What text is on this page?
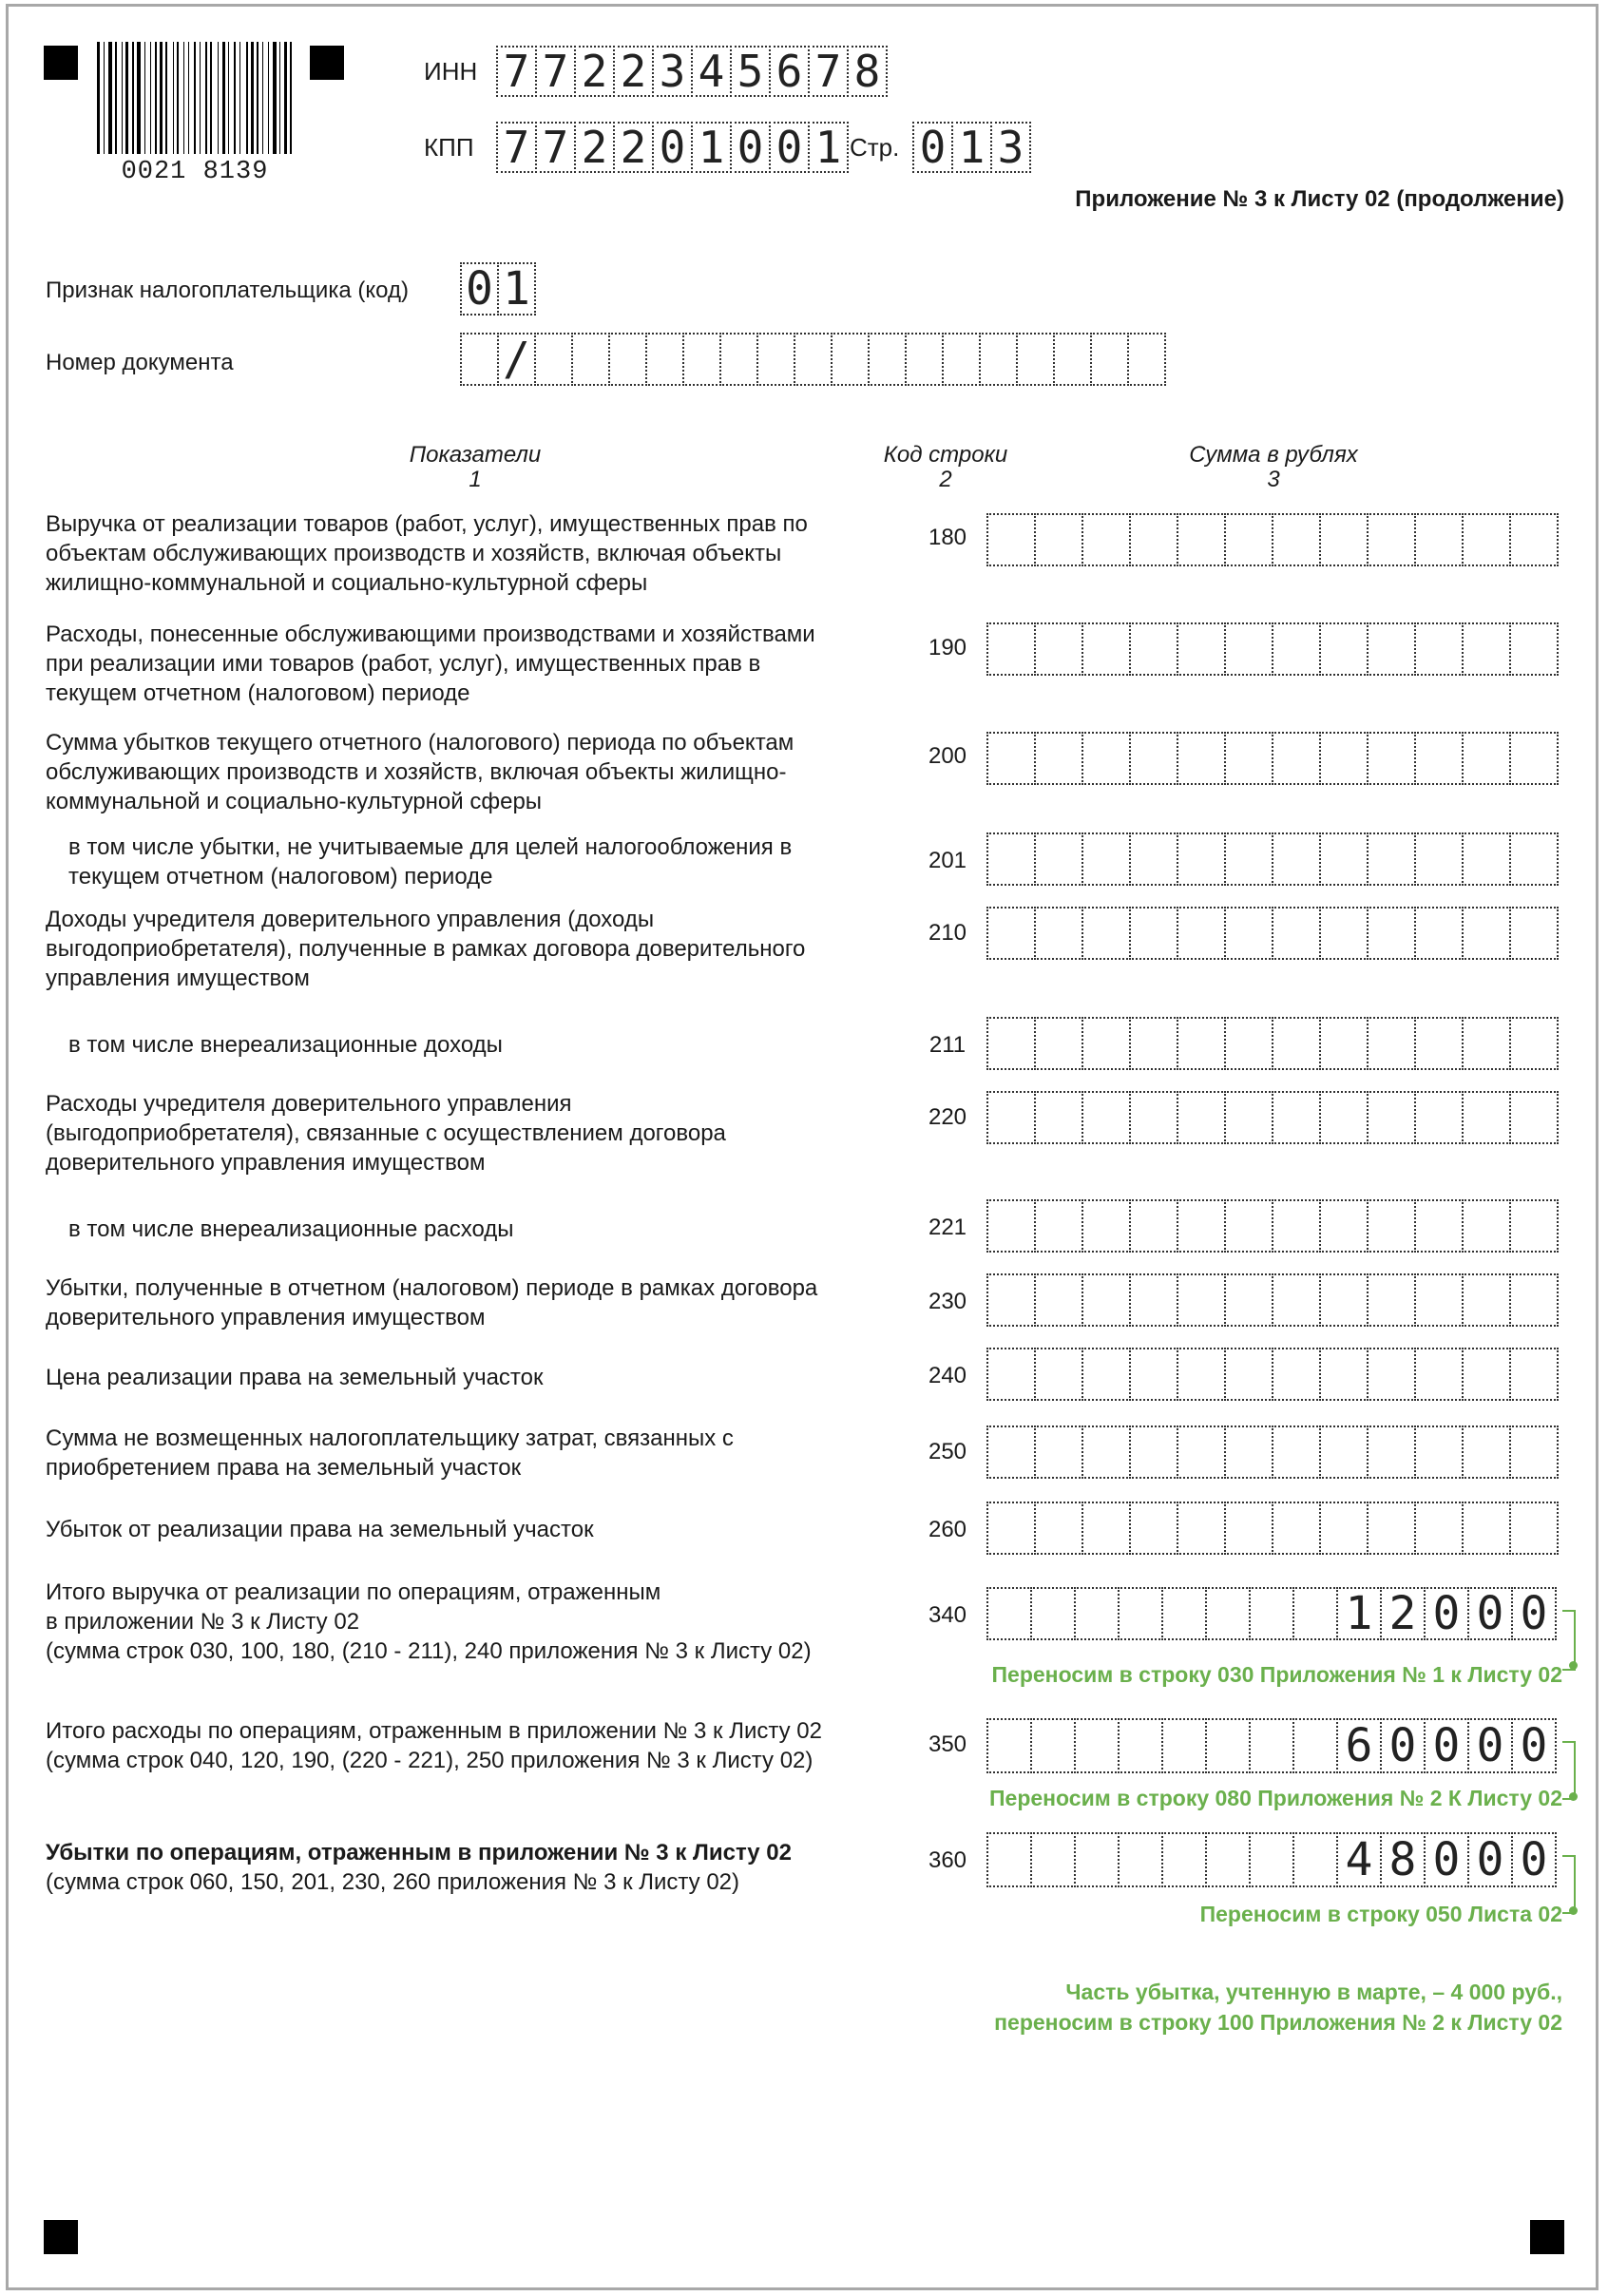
0021 8139
ИНН 7 7 2 2 3 4 5 6 7 8
КПП 7 7 2 2 0 1 0 0 1 Стр. 0 1 3
Приложение № 3 к Листу 02 (продолжение)
Признак налогоплательщика (код) 0 1
Номер документа	/
Показатели
1
Код строки
2
Сумма в рублях
3
Выручка от реализации товаров (работ, услуг), имущественных прав по
объектам обслуживающих производств и хозяйств, включая объекты
жилищно-коммунальной и социально-культурной сферы
180
Расходы, понесенные обслуживающими производствами и хозяйствами
при реализации ими товаров (работ, услуг), имущественных прав в
текущем отчетном (налоговом) периоде
190
Сумма убытков текущего отчетного (налогового) периода по объектам
обслуживающих производств и хозяйств, включая объекты жилищно-
коммунальной и социально-культурной сферы
200
в том числе убытки, не учитываемые для целей налогообложения в
текущем отчетном (налоговом) периоде
201
Доходы учредителя доверительного управления (доходы
выгодоприобретателя), полученные в рамках договора доверительного
управления имуществом
210
в том числе внереализационные доходы	211
Расходы учредителя доверительного управления
(выгодоприобретателя), связанные с осуществлением договора
доверительного управления имуществом
220
в том числе внереализационные расходы	221
Убытки, полученные в отчетном (налоговом) периоде в рамках договора
доверительного управления имуществом
230
Цена реализации права на земельный участок	240
Сумма не возмещенных налогоплательщику затрат, связанных с
приобретением права на земельный участок
250
Убыток от реализации права на земельный участок	260
Итого выручка от реализации по операциям, отраженным
в приложении № 3 к Листу 02
(сумма строк 030, 100, 180, (210 - 211), 240 приложения № 3 к Листу 02)
340	1 2 0 0 0
Итого расходы по операциям, отраженным в приложении № 3 к Листу 02
(сумма строк 040, 120, 190, (220 - 221), 250 приложения № 3 к Листу 02)
350	6 0 0 0 0
Убытки по операциям, отраженным в приложении № 3 к Листу 02
(сумма строк 060, 150, 201, 230, 260 приложения № 3 к Листу 02)
360	4 8 0 0 0
Переносим в строку 030 Приложения № 1 к Листу 02
Переносим в строку 080 Приложения № 2 К Листу 02
Переносим в строку 050 Листа 02
Часть убытка, учтенную в марте, – 4 000 руб.,
переносим в строку 100 Приложения № 2 к Листу 02
